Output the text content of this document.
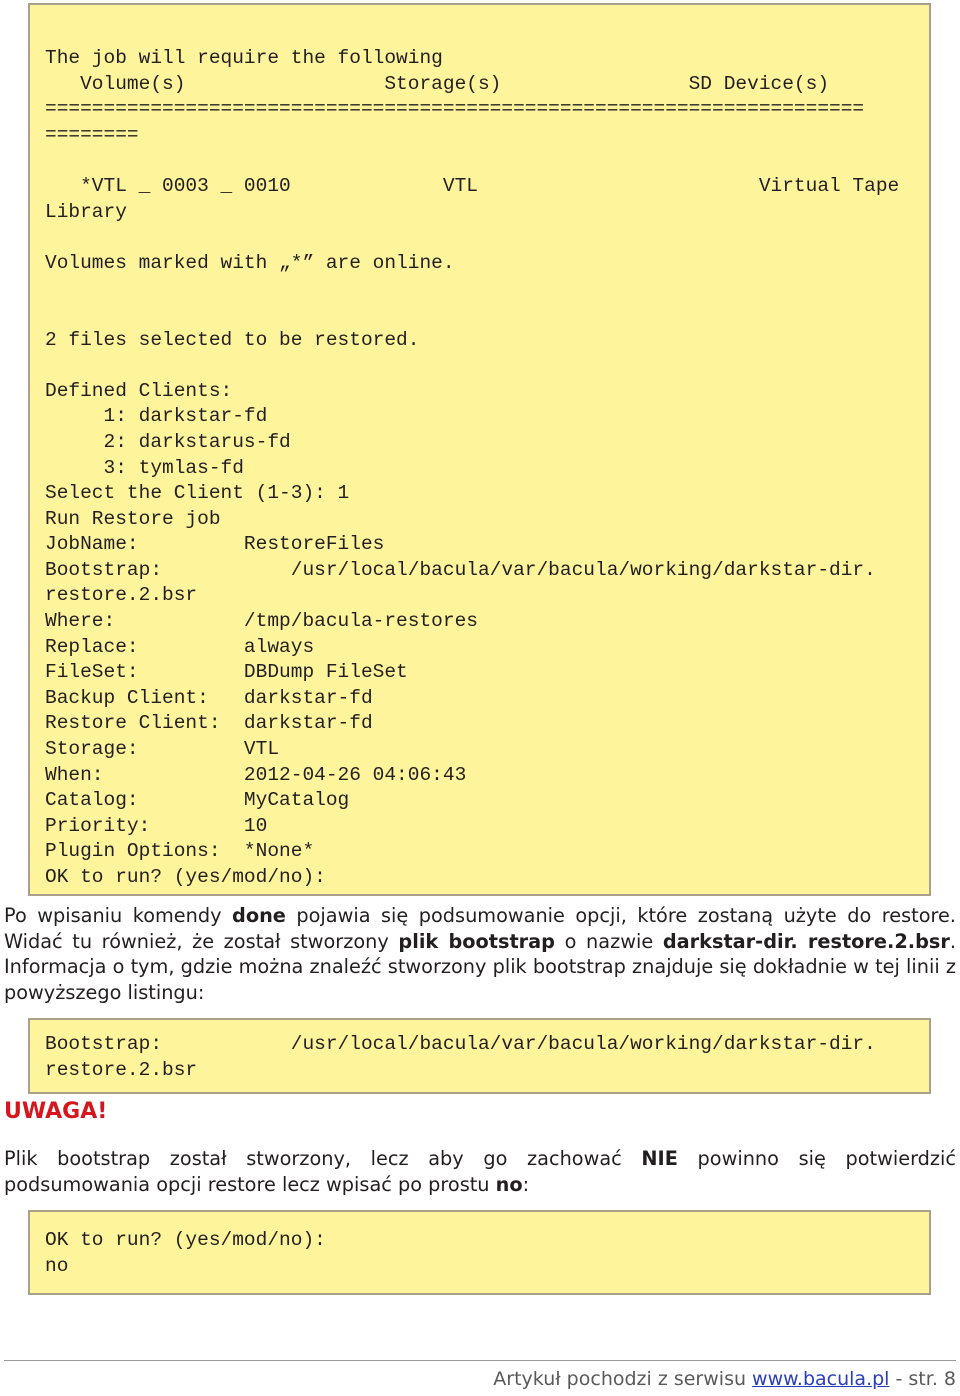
The job will require the following
Volume(s)                 Storage(s)                SD Device(s)
======================================================================
========
*VTL _ 0003 _ 0010             VTL                        Virtual Tape
Library
Volumes marked with „*” are online.
2 files selected to be restored.
Defined Clients:
1: darkstar-fd
2: darkstarus-fd
3: tymlas-fd
Select the Client (1-3): 1
Run Restore job
JobName:         RestoreFiles
Bootstrap:           /usr/local/bacula/var/bacula/working/darkstar-dir.
restore.2.bsr
Where:           /tmp/bacula-restores
Replace:         always
FileSet:         DBDump FileSet
Backup Client:   darkstar-fd
Restore Client:  darkstar-fd
Storage:         VTL
When:            2012-04-26 04:06:43
Catalog:         MyCatalog
Priority:        10
Plugin Options:  *None*
OK to run? (yes/mod/no):

Po wpisaniu komendy done pojawia się podsumowanie opcji, które zostaną użyte do restore. Widać tu również, że został stworzony plik bootstrap o nazwie darkstar-dir. restore.2.bsr. Informacja o tym, gdzie można znaleźć stworzony plik bootstrap znajduje się dokładnie w tej linii z powyższego listingu:

Bootstrap:           /usr/local/bacula/var/bacula/working/darkstar-dir.
restore.2.bsr

UWAGA!

Plik bootstrap został stworzony, lecz aby go zachować NIE powinno się potwierdzić podsumowania opcji restore lecz wpisać po prostu no:

OK to run? (yes/mod/no):
no

Artykuł pochodzi z serwisu www.bacula.pl - str. 8
